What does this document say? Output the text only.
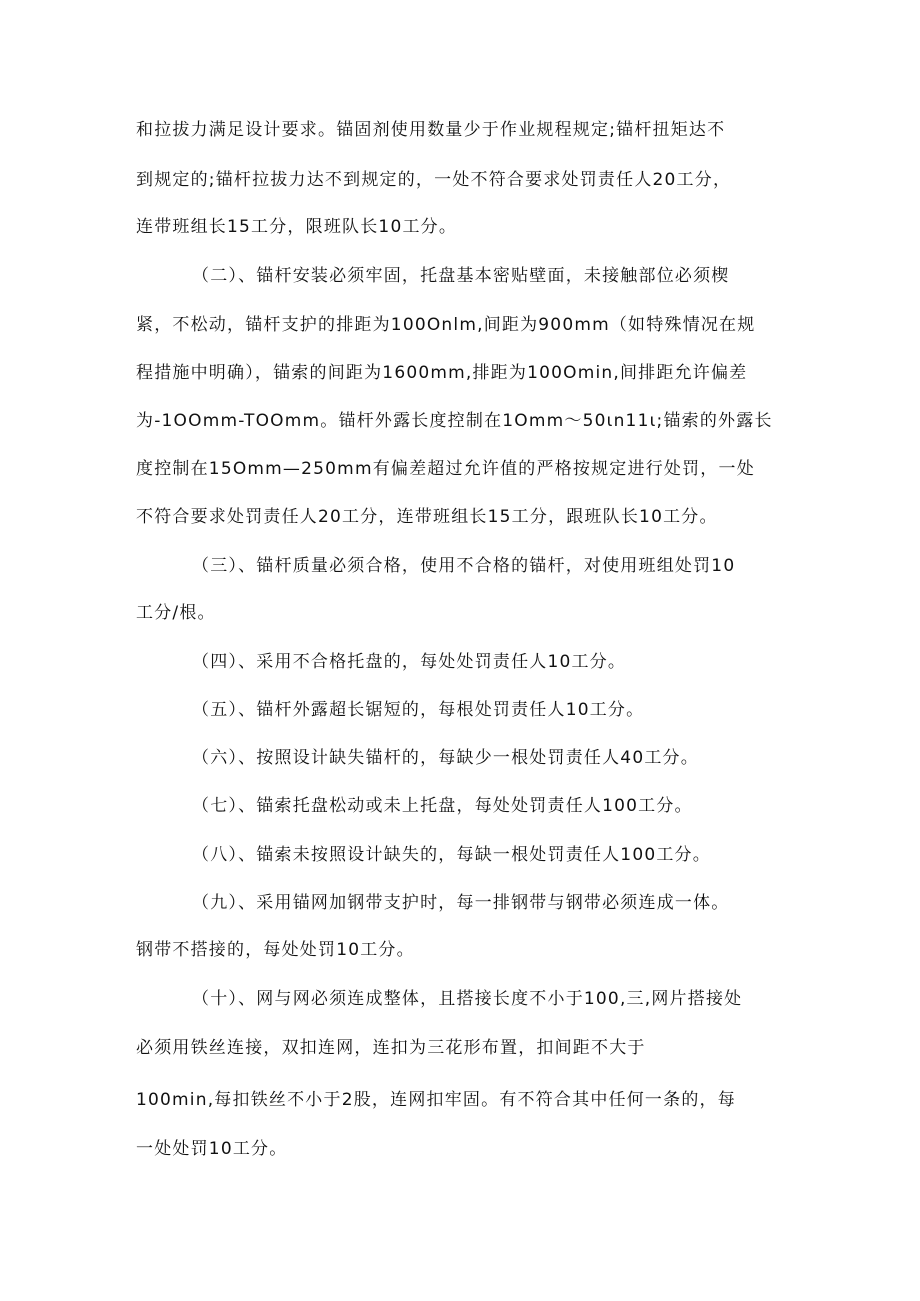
和拉拔力满足设计要求。锚固剂使用数量少于作业规程规定;锚杆扭矩达不
到规定的;锚杆拉拔力达不到规定的，一处不符合要求处罚责任人20工分，
连带班组长15工分，限班队长10工分。
（二）、锚杆安装必须牢固，托盘基本密贴壁面，未接触部位必须楔
紧，不松动，锚杆支护的排距为100Onlm,间距为900mm（如特殊情况在规
程措施中明确），锚索的间距为1600mm,排距为100Omin,间排距允许偏差
为-1OOmm-TOOmm。锚杆外露长度控制在1Omm〜50ιn11ι;锚索的外露长
度控制在15Omm—250mm有偏差超过允许值的严格按规定进行处罚，一处
不符合要求处罚责任人20工分，连带班组长15工分，跟班队长10工分。
（三）、锚杆质量必须合格，使用不合格的锚杆，对使用班组处罚10
工分/根。
（四）、采用不合格托盘的，每处处罚责任人10工分。
（五）、锚杆外露超长锯短的，每根处罚责任人10工分。
（六）、按照设计缺失锚杆的，每缺少一根处罚责任人40工分。
（七）、锚索托盘松动或未上托盘，每处处罚责任人100工分。
（八）、锚索未按照设计缺失的，每缺一根处罚责任人100工分。
（九）、采用锚网加钢带支护时，每一排钢带与钢带必须连成一体。
钢带不搭接的，每处处罚10工分。
（十）、网与网必须连成整体，且搭接长度不小于100,三,网片搭接处
必须用铁丝连接，双扣连网，连扣为三花形布置，扣间距不大于
100min,每扣铁丝不小于2股，连网扣牢固。有不符合其中任何一条的，每
一处处罚10工分。
